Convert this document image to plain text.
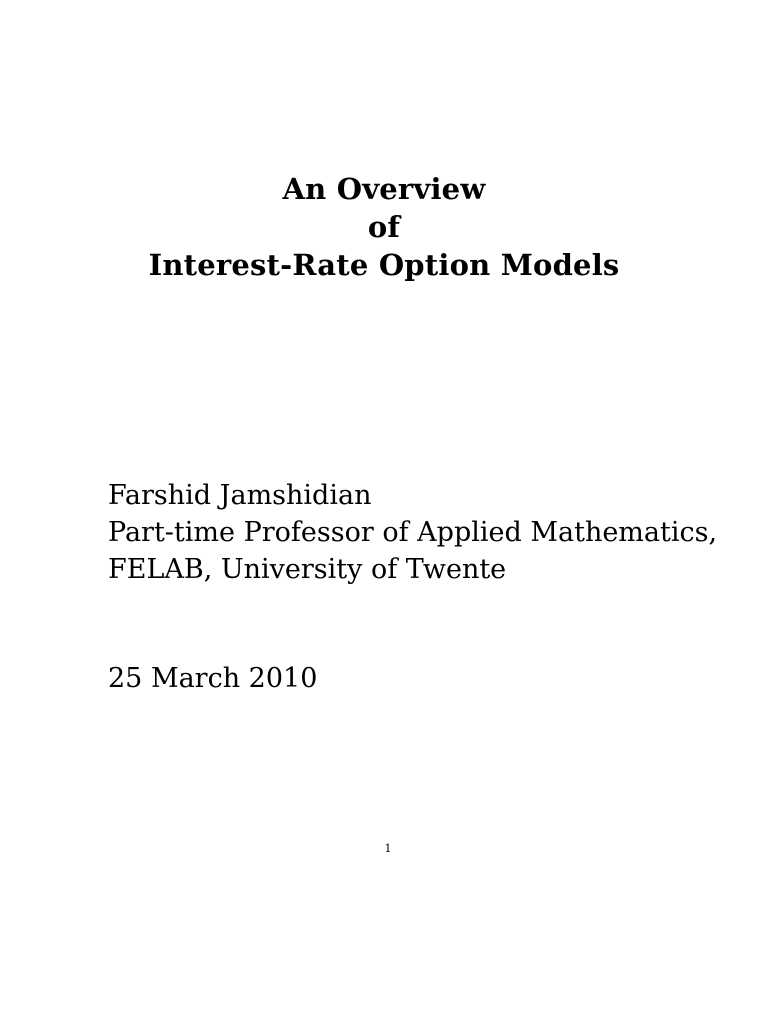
An Overview
of
Interest-Rate Option Models
Farshid Jamshidian
Part-time Professor of Applied Mathematics,
FELAB, University of Twente
25 March 2010
1
